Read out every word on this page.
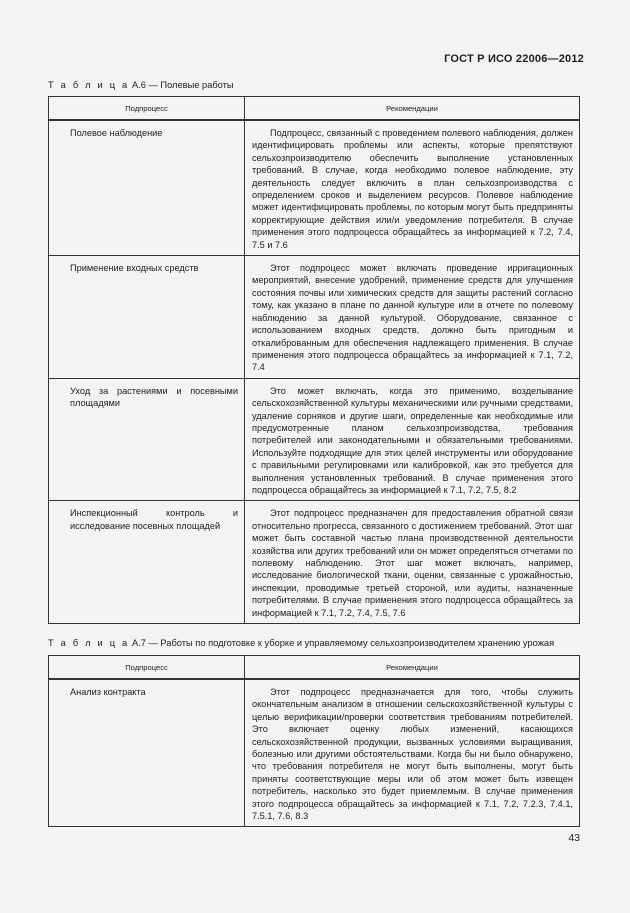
ГОСТ Р ИСО 22006—2012
Т а б л и ц а А.6 — Полевые работы
Подпроцесс	Рекомендации
Полевое наблюдение	Подпроцесс, связанный с проведением полевого наблюдения, должен идентифицировать проблемы или аспекты, которые препятствуют сельхозпроизводителю обеспечить выполнение установленных требований. В случае, когда необходимо полевое наблюдение, эту деятельность следует включить в план сельхозпроизводства с определением сроков и выделением ресурсов. Полевое наблюдение может идентифицировать проблемы, по которым могут быть предприняты корректирующие действия или/и уведомление потребителя. В случае применения этого подпроцесса обращайтесь за информацией к 7.2, 7.4, 7.5 и 7.6
Применение входных средств	Этот подпроцесс может включать проведение ирригационных мероприятий, внесение удобрений, применение средств для улучшения состояния почвы или химических средств для защиты растений согласно тому, как указано в плане по данной культуре или в отчете по полевому наблюдению за данной культурой. Оборудование, связанное с использованием входных средств, должно быть пригодным и откалиброванным для обеспечения надлежащего применения. В случае применения этого подпроцесса обращайтесь за информацией к 7.1, 7.2, 7.4
Уход за растениями и посевными площадями	Это может включать, когда это применимо, возделывание сельскохозяйственной культуры механическими или ручными средствами, удаление сорняков и другие шаги, определенные как необходимые или предусмотренные планом сельхозпроизводства, требования потребителей или законодательными и обязательными требованиями. Используйте подходящие для этих целей инструменты или оборудование с правильными регулировками или калибровкой, как это требуется для выполнения установленных требований. В случае применения этого подпроцесса обращайтесь за информацией к 7.1, 7.2, 7.5, 8.2
Инспекционный контроль и исследование посевных площадей	Этот подпроцесс предназначен для предоставления обратной связи относительно прогресса, связанного с достижением требований. Этот шаг может быть составной частью плана производственной деятельности хозяйства или других требований или он может определяться отчетами по полевому наблюдению. Этот шаг может включать, например, исследование биологической ткани, оценки, связанные с урожайностью, инспекции, проводимые третьей стороной, или аудиты, назначенные потребителями. В случае применения этого подпроцесса обращайтесь за информацией к 7.1, 7.2, 7.4, 7.5, 7.6
Т а б л и ц а А.7 — Работы по подготовке к уборке и управляемому сельхозпроизводителем хранению урожая
Подпроцесс	Рекомендации
Анализ контракта	Этот подпроцесс предназначается для того, чтобы служить окончательным анализом в отношении сельскохозяйственной культуры с целью верификации/проверки соответствия требованиям потребителей. Это включает оценку любых изменений, касающихся сельскохозяйственной продукции, вызванных условиями выращивания, болезнью или другими обстоятельствами. Когда бы ни было обнаружено, что требования потребителя не могут быть выполнены, могут быть приняты соответствующие меры или об этом может быть извещен потребитель, насколько это будет приемлемым. В случае применения этого подпроцесса обращайтесь за информацией к 7.1, 7.2, 7.2.3, 7.4.1, 7.5.1, 7.6, 8.3
43
